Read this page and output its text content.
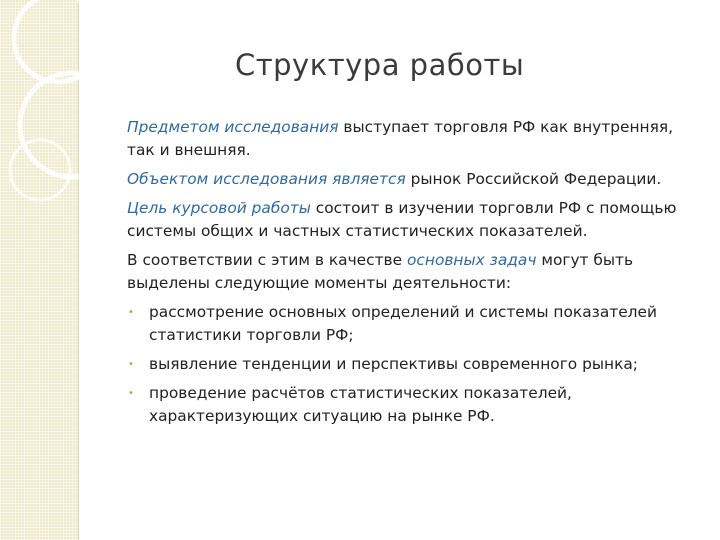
Структура работы

Предметом исследования выступает торговля РФ как внутренняя, так и внешняя.

Объектом исследования является рынок Российской Федерации.

Цель курсовой работы состоит в изучении торговли РФ с помощью системы общих и частных статистических показателей.

В соответствии с этим в качестве основных задач могут быть выделены следующие моменты деятельности:

• рассмотрение основных определений и системы показателей статистики торговли РФ;
• выявление тенденции и перспективы современного рынка;
• проведение расчётов статистических показателей, характеризующих ситуацию на рынке РФ.
